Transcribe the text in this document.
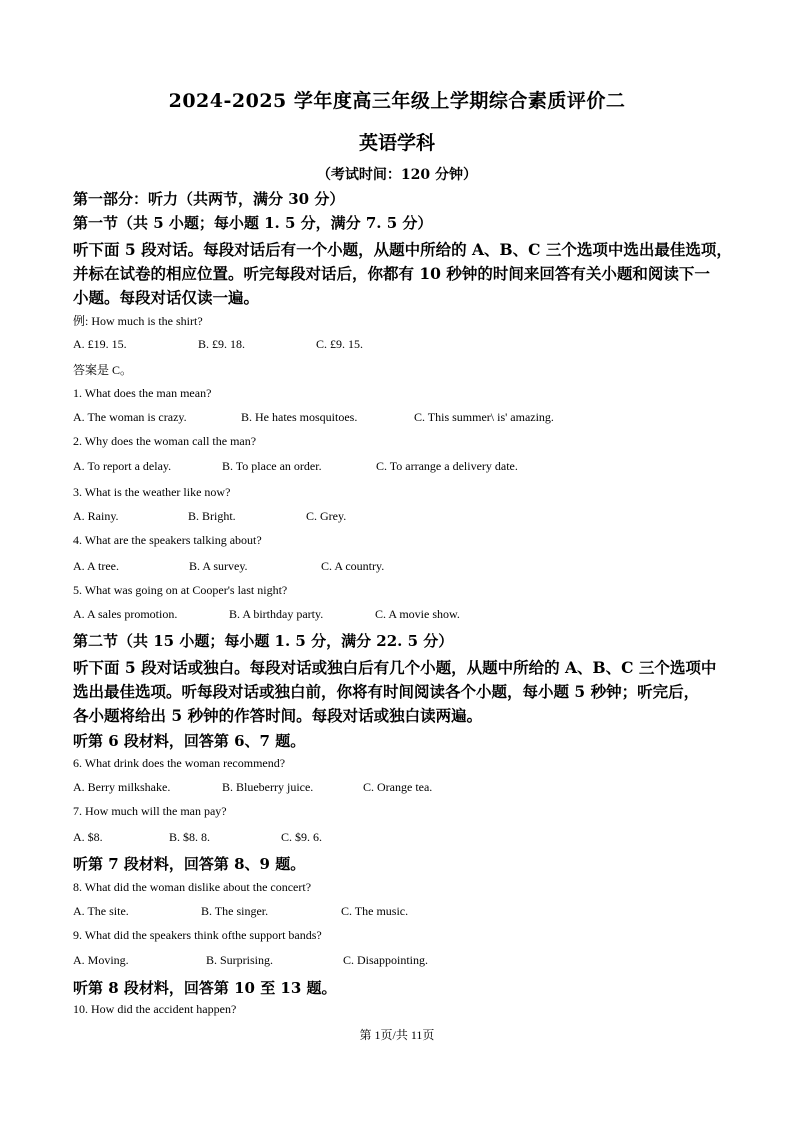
2024-2025 学年度高三年级上学期综合素质评价二
英语学科
（考试时间：120 分钟）
第一部分：听力（共两节，满分 30 分）
第一节（共 5 小题；每小题 1. 5 分，满分 7. 5 分）
听下面 5 段对话。每段对话后有一个小题，从题中所给的 A、B、C 三个选项中选出最佳选项，
并标在试卷的相应位置。听完每段对话后，你都有 10 秒钟的时间来回答有关小题和阅读下一
小题。每段对话仅读一遍。
例: How much is the shirt?
A. £19. 15.	B. £9. 18.	C. £9. 15.
答案是 C。
1. What does the man mean?
A. The woman is crazy.	B. He hates mosquitoes.	C. This summer\ is' amazing.
2. Why does the woman call the man?
A. To report a delay.	B. To place an order.	C. To arrange a delivery date.
3. What is the weather like now?
A. Rainy.	B. Bright.	C. Grey.
4. What are the speakers talking about?
A. A tree.	B. A survey.	C. A country.
5. What was going on at Cooper's last night?
A. A sales promotion.	B. A birthday party.	C. A movie show.
第二节（共 15 小题；每小题 1. 5 分，满分 22. 5 分）
听下面 5 段对话或独白。每段对话或独白后有几个小题，从题中所给的 A、B、C 三个选项中
选出最佳选项。听每段对话或独白前，你将有时间阅读各个小题，每小题 5 秒钟；听完后，
各小题将给出 5 秒钟的作答时间。每段对话或独白读两遍。
听第 6 段材料，回答第 6、7 题。
6. What drink does the woman recommend?
A. Berry milkshake.	B. Blueberry juice.	C. Orange tea.
7. How much will the man pay?
A. $8.	B. $8. 8.	C. $9. 6.
听第 7 段材料，回答第 8、9 题。
8. What did the woman dislike about the concert?
A. The site.	B. The singer.	C. The music.
9. What did the speakers think ofthe support bands?
A. Moving.	B. Surprising.	C. Disappointing.
听第 8 段材料，回答第 10 至 13 题。
10. How did the accident happen?
第 1页/共 11页
